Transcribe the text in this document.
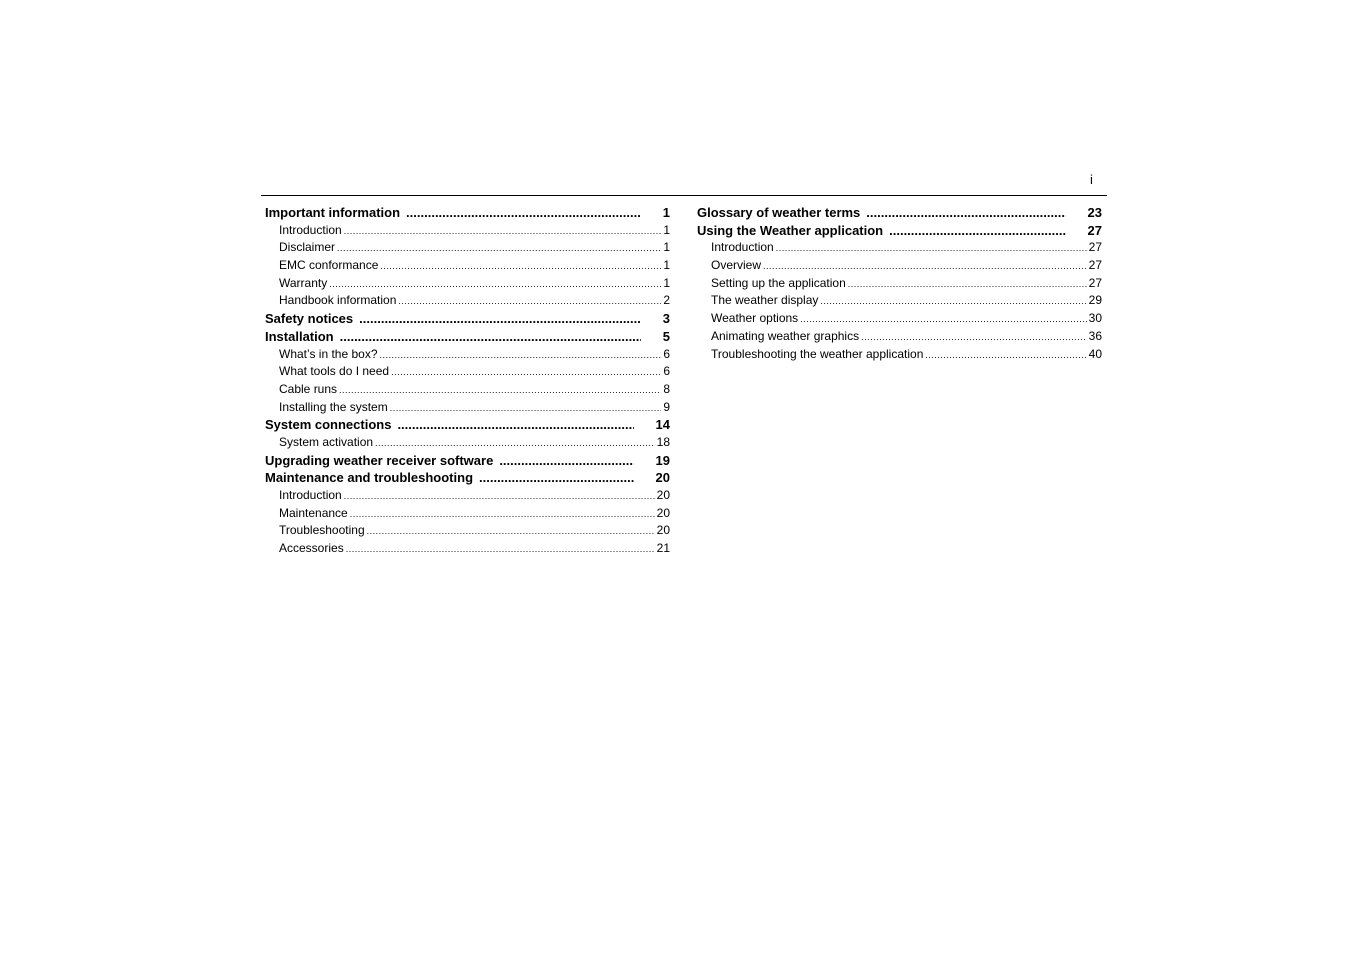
i
Important information .....	1
Introduction .....	1
Disclaimer .....	1
EMC conformance .....	1
Warranty .....	1
Handbook information .....	2
Safety notices .....	3
Installation .....	5
What’s in the box? .....	6
What tools do I need .....	6
Cable runs .....	8
Installing the system .....	9
System connections .....	14
System activation .....	18
Upgrading weather receiver software .....	19
Maintenance and troubleshooting .....	20
Introduction .....	20
Maintenance .....	20
Troubleshooting .....	20
Accessories .....	21
Glossary of weather terms .....	23
Using the Weather application .....	27
Introduction .....	27
Overview .....	27
Setting up the application .....	27
The weather display .....	29
Weather options .....	30
Animating weather graphics .....	36
Troubleshooting the weather application .....	40
